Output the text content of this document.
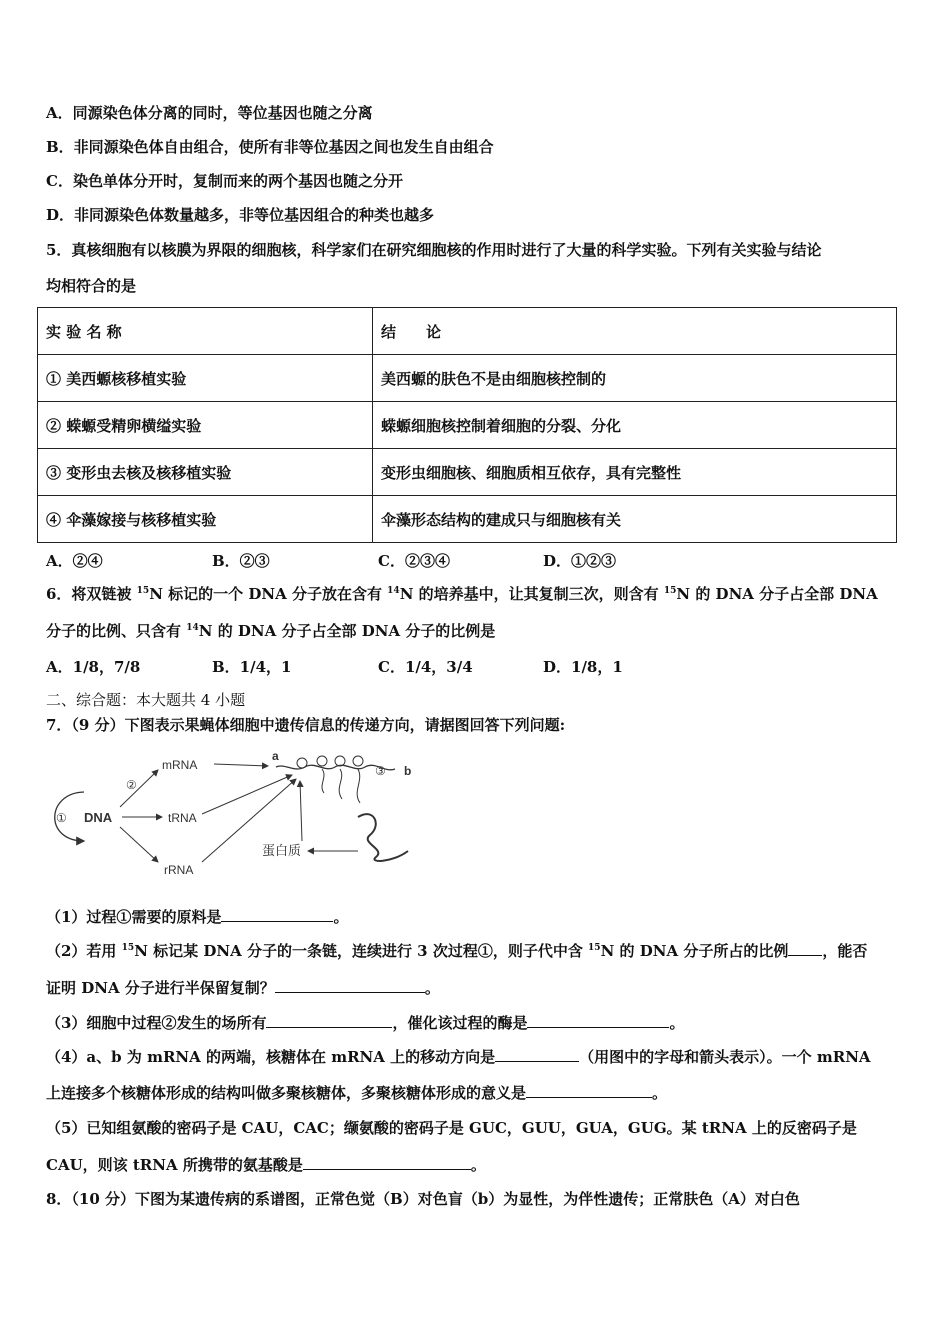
A．同源染色体分离的同时，等位基因也随之分离
B．非同源染色体自由组合，使所有非等位基因之间也发生自由组合
C．染色单体分开时，复制而来的两个基因也随之分开
D．非同源染色体数量越多，非等位基因组合的种类也越多
5．真核细胞有以核膜为界限的细胞核，科学家们在研究细胞核的作用时进行了大量的科学实验。下列有关实验与结论
均相符合的是
实 验 名 称	结　　论
① 美西螈核移植实验	美西螈的肤色不是由细胞核控制的
② 蝾螈受精卵横缢实验	蝾螈细胞核控制着细胞的分裂、分化
③ 变形虫去核及核移植实验	变形虫细胞核、细胞质相互依存，具有完整性
④ 伞藻嫁接与核移植实验	伞藻形态结构的建成只与细胞核有关
A．②④	B．②③	C．②③④	D．①②③
6．将双链被 $^{15}$N 标记的一个 DNA 分子放在含有 $^{14}$N 的培养基中，让其复制三次，则含有 $^{15}$N 的 DNA 分子占全部 DNA
分子的比例、只含有 $^{14}$N 的 DNA 分子占全部 DNA 分子的比例是
A．1/8，7/8	B．1/4，1	C．1/4，3/4	D．1/8，1
二、综合题：本大题共 4 小题
7．（9 分）下图表示果蝇体细胞中遗传信息的传递方向，请据图回答下列问题:
① DNA
②
mRNA
tRNA
rRNA
a
③ b
蛋白质
（1）过程①需要的原料是	。
（2）若用 $^{15}$N 标记某 DNA 分子的一条链，连续进行 3 次过程①，则子代中含 $^{15}$N 的 DNA 分子所占的比例 ，能否
证明 DNA 分子进行半保留复制？	。
（3）细胞中过程②发生的场所有	，催化该过程的酶是	。
（4）a、b 为 mRNA 的两端，核糖体在 mRNA 上的移动方向是	（用图中的字母和箭头表示）。一个 mRNA
上连接多个核糖体形成的结构叫做多聚核糖体，多聚核糖体形成的意义是	。
（5）已知组氨酸的密码子是 CAU，CAC；缬氨酸的密码子是 GUC，GUU，GUA，GUG。某 tRNA 上的反密码子是
CAU，则该 tRNA 所携带的氨基酸是	。
8．（10 分）下图为某遗传病的系谱图，正常色觉（B）对色盲（b）为显性，为伴性遗传；正常肤色（A）对白色
